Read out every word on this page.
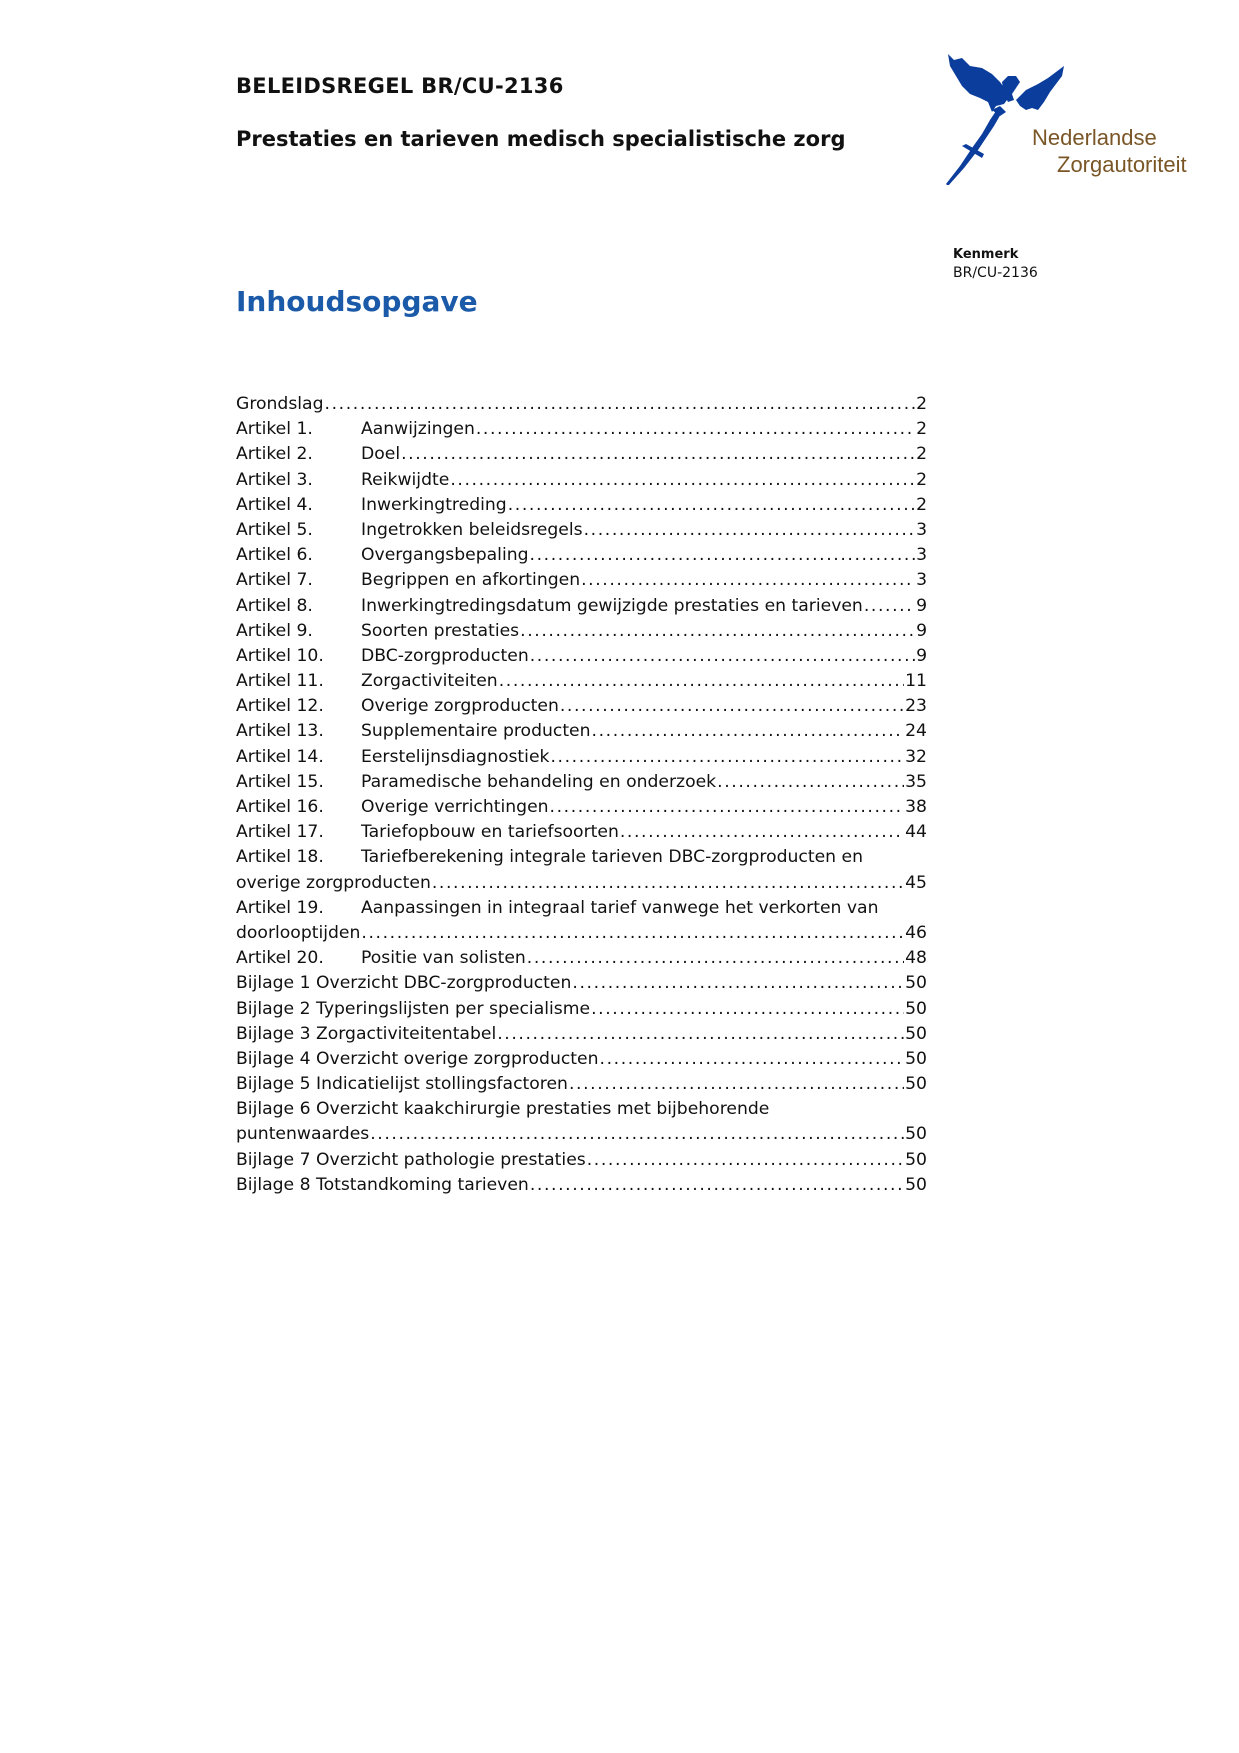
BELEIDSREGEL BR/CU-2136
Prestaties en tarieven medisch specialistische zorg	Nederlandse
Zorgautoriteit
Kenmerk
BR/CU-2136
Inhoudsopgave
Grondslag .....	2
Artikel 1.	Aanwijzingen .....	2
Artikel 2.	Doel .....	2
Artikel 3.	Reikwijdte .....	2
Artikel 4.	Inwerkingtreding .....	2
Artikel 5.	Ingetrokken beleidsregels .....	3
Artikel 6.	Overgangsbepaling .....	3
Artikel 7.	Begrippen en afkortingen .....	3
Artikel 8.	Inwerkingtredingsdatum gewijzigde prestaties en tarieven .....	9
Artikel 9.	Soorten prestaties .....	9
Artikel 10.	DBC-zorgproducten .....	9
Artikel 11.	Zorgactiviteiten .....	11
Artikel 12.	Overige zorgproducten .....	23
Artikel 13.	Supplementaire producten .....	24
Artikel 14.	Eerstelijnsdiagnostiek .....	32
Artikel 15.	Paramedische behandeling en onderzoek .....	35
Artikel 16.	Overige verrichtingen .....	38
Artikel 17.	Tariefopbouw en tariefsoorten .....	44
Artikel 18.	Tariefberekening integrale tarieven DBC-zorgproducten en
overige zorgproducten .....	45
Artikel 19.	Aanpassingen in integraal tarief vanwege het verkorten van
doorlooptijden .....	46
Artikel 20.	Positie van solisten .....	48
Bijlage 1 Overzicht DBC-zorgproducten .....	50
Bijlage 2 Typeringslijsten per specialisme .....	50
Bijlage 3 Zorgactiviteitentabel .....	50
Bijlage 4 Overzicht overige zorgproducten .....	50
Bijlage 5 Indicatielijst stollingsfactoren .....	50
Bijlage 6 Overzicht kaakchirurgie prestaties met bijbehorende
puntenwaardes .....	50
Bijlage 7 Overzicht pathologie prestaties .....	50
Bijlage 8 Totstandkoming tarieven .....	50
